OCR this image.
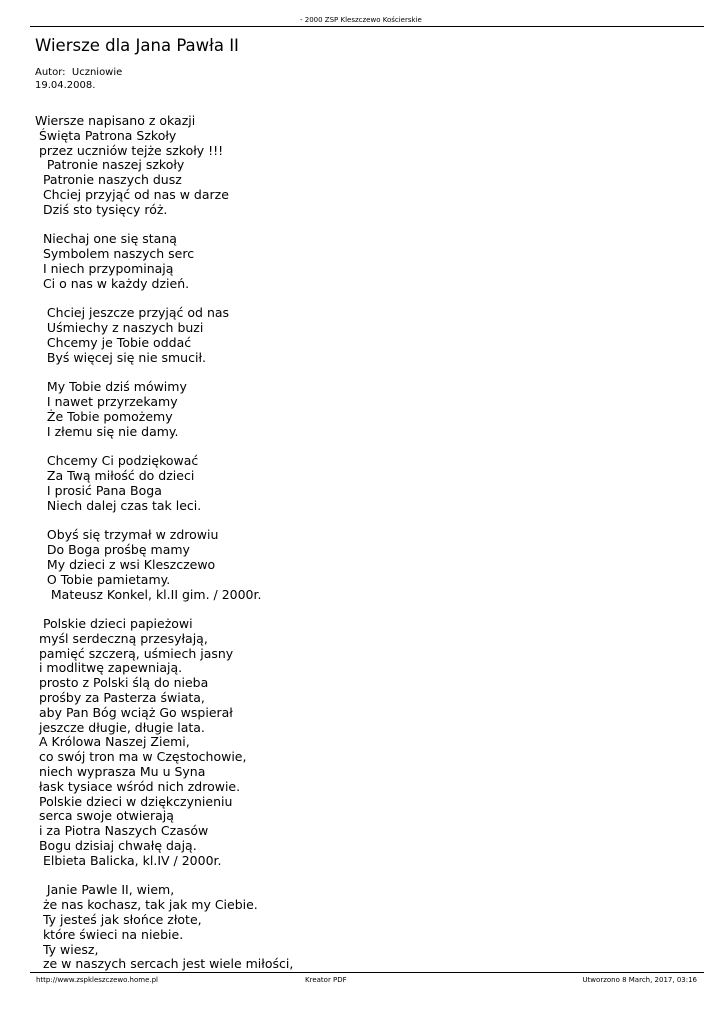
- 2000 ZSP Kleszczewo Kościerskie
Wiersze dla Jana Pawła II
Autor:  Uczniowie
19.04.2008.
Wiersze napisano z okazji
Święta Patrona Szkoły
przez uczniów tejże szkoły !!!
Patronie naszej szkoły
Patronie naszych dusz
Chciej przyjąć od nas w darze
Dziś sto tysięcy róż.
Niechaj one się staną
Symbolem naszych serc
I niech przypominają
Ci o nas w każdy dzień.
Chciej jeszcze przyjąć od nas
Uśmiechy z naszych buzi
Chcemy je Tobie oddać
Byś więcej się nie smucił.
My Tobie dziś mówimy
I nawet przyrzekamy
Że Tobie pomożemy
I złemu się nie damy.
Chcemy Ci podziękować
Za Twą miłość do dzieci
I prosić Pana Boga
Niech dalej czas tak leci.
Obyś się trzymał w zdrowiu
Do Boga prośbę mamy
My dzieci z wsi Kleszczewo
O Tobie pamietamy.
Mateusz Konkel, kl.II gim. / 2000r.
Polskie dzieci papieżowi
myśl serdeczną przesyłają,
pamięć szczerą, uśmiech jasny
i modlitwę zapewniają.
prosto z Polski ślą do nieba
prośby za Pasterza świata,
aby Pan Bóg wciąż Go wspierał
jeszcze długie, długie lata.
A Królowa Naszej Ziemi,
co swój tron ma w Częstochowie,
niech wyprasza Mu u Syna
łask tysiace wśród nich zdrowie.
Polskie dzieci w dziękczynieniu
serca swoje otwierają
i za Piotra Naszych Czasów
Bogu dzisiaj chwałę dają.
Elbieta Balicka, kl.IV / 2000r.
Janie Pawle II, wiem,
że nas kochasz, tak jak my Ciebie.
Ty jesteś jak słońce złote,
które świeci na niebie.
Ty wiesz,
ze w naszych sercach jest wiele miłości,
http://www.zspkleszczewo.home.pl	Kreator PDF	Utworzono 8 March, 2017, 03:16
